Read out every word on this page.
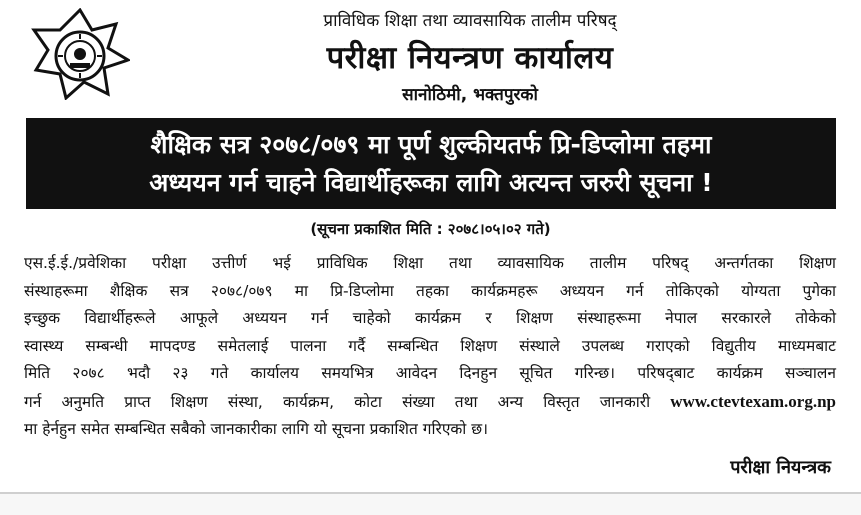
प्राविधिक शिक्षा तथा व्यावसायिक तालीम परिषद्

परीक्षा नियन्त्रण कार्यालय

सानोठिमी, भक्तपुरको

शैक्षिक सत्र २०७८/०७९ मा पूर्ण शुल्कीयतर्फ प्रि-डिप्लोमा तहमा

अध्ययन गर्न चाहने विद्यार्थीहरूका लागि अत्यन्त जरुरी सूचना !

(सूचना प्रकाशित मिति : २०७८।०५।०२ गते)

एस.ई.ई./प्रवेशिका परीक्षा उत्तीर्ण भई प्राविधिक शिक्षा तथा व्यावसायिक तालीम परिषद् अन्तर्गतका शिक्षण
संस्थाहरूमा शैक्षिक सत्र २०७८/०७९ मा प्रि-डिप्लोमा तहका कार्यक्रमहरू अध्ययन गर्न तोकिएको योग्यता पुगेका
इच्छुक विद्यार्थीहरूले आफूले अध्ययन गर्न चाहेको कार्यक्रम र शिक्षण संस्थाहरूमा नेपाल सरकारले तोकेको
स्वास्थ्य सम्बन्धी मापदण्ड समेतलाई पालना गर्दै सम्बन्धित शिक्षण संस्थाले उपलब्ध गराएको विद्युतीय माध्यमबाट
मिति २०७८ भदौ २३ गते कार्यालय समयभित्र आवेदन दिनहुन सूचित गरिन्छ। परिषद्‌बाट कार्यक्रम सञ्चालन
गर्न अनुमति प्राप्त शिक्षण संस्था, कार्यक्रम, कोटा संख्या तथा अन्य विस्तृत जानकारी www.ctevtexam.org.np
मा हेर्नहुन समेत सम्बन्धित सबैको जानकारीका लागि यो सूचना प्रकाशित गरिएको छ।

परीक्षा नियन्त्रक
